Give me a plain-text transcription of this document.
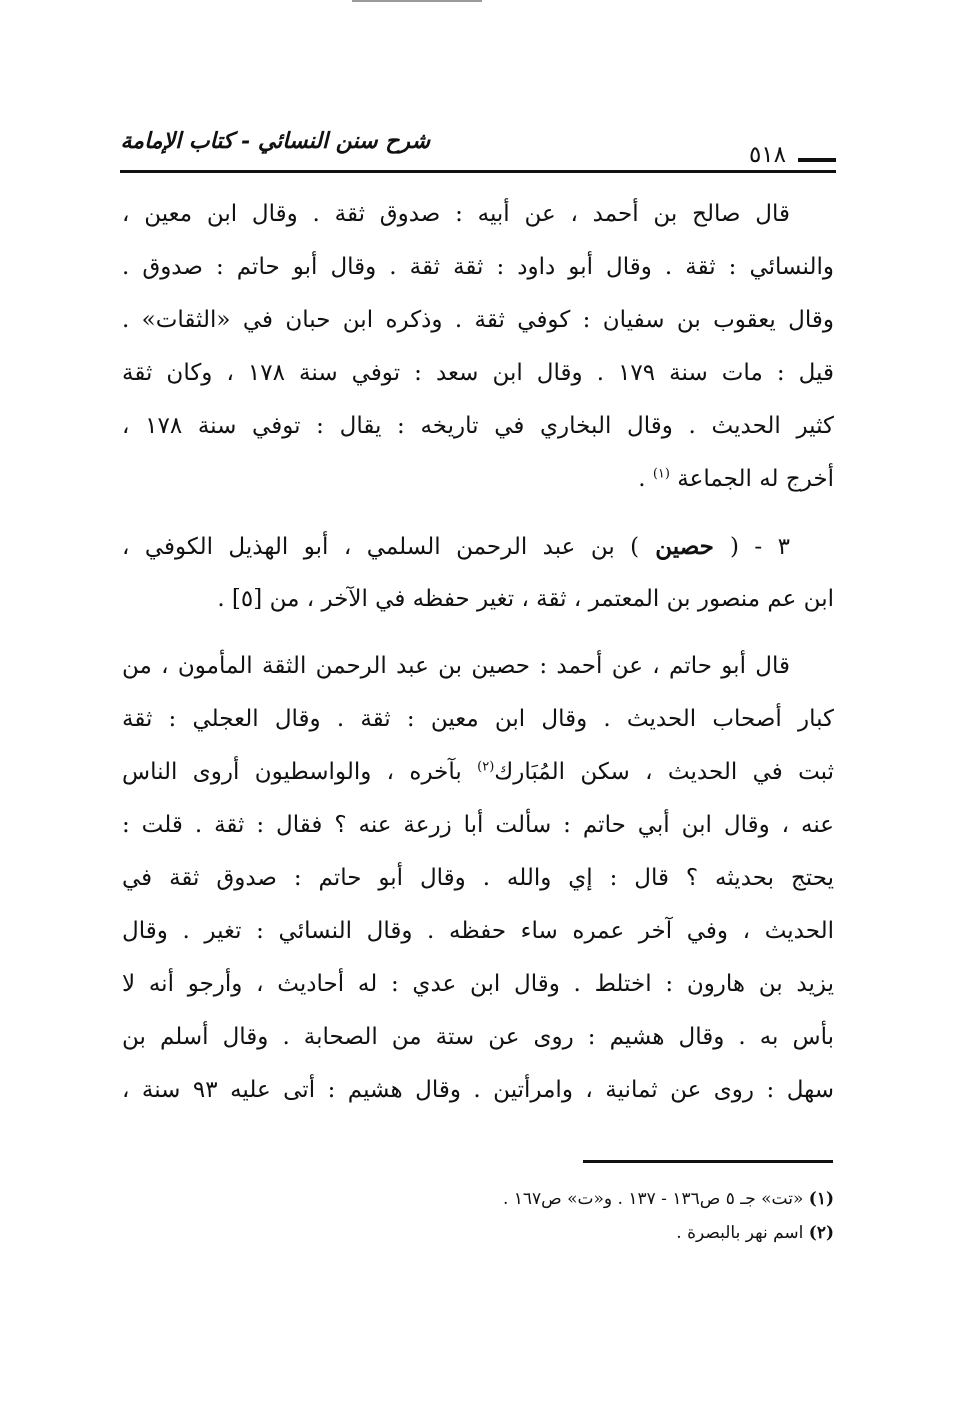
شرح سنن النسائي - كتاب الإمامة
٥١٨
قال صالح بن أحمد ، عن أبيه : صدوق ثقة . وقال ابن معين ،
والنسائي : ثقة . وقال أبو داود : ثقة ثقة . وقال أبو حاتم : صدوق .
وقال يعقوب بن سفيان : كوفي ثقة . وذكره ابن حبان في «الثقات» .
قيل : مات سنة ١٧٩ . وقال ابن سعد : توفي سنة ١٧٨ ، وكان ثقة
كثير الحديث . وقال البخاري في تاريخه : يقال : توفي سنة ١٧٨ ،
أخرج له الجماعة $^{(١)}$ .
٣ - ( حصين ) بن عبد الرحمن السلمي ، أبو الهذيل الكوفي ،
ابن عم منصور بن المعتمر ، ثقة ، تغير حفظه في الآخر ، من [٥] .
قال أبو حاتم ، عن أحمد : حصين بن عبد الرحمن الثقة المأمون ، من
كبار أصحاب الحديث . وقال ابن معين : ثقة . وقال العجلي : ثقة
ثبت في الحديث ، سكن المُبَارك$^{(٢)}$ بآخره ، والواسطيون أروى الناس
عنه ، وقال ابن أبي حاتم : سألت أبا زرعة عنه ؟ فقال : ثقة . قلت :
يحتج بحديثه ؟ قال : إي والله . وقال أبو حاتم : صدوق ثقة في
الحديث ، وفي آخر عمره ساء حفظه . وقال النسائي : تغير . وقال
يزيد بن هارون : اختلط . وقال ابن عدي : له أحاديث ، وأرجو أنه لا
بأس به . وقال هشيم : روى عن ستة من الصحابة . وقال أسلم بن
سهل : روى عن ثمانية ، وامرأتين . وقال هشيم : أتى عليه ٩٣ سنة ،
(١) «تت» جـ ٥ ص١٣٦ - ١٣٧ . و«ت» ص١٦٧ .
(٢) اسم نهر بالبصرة .
